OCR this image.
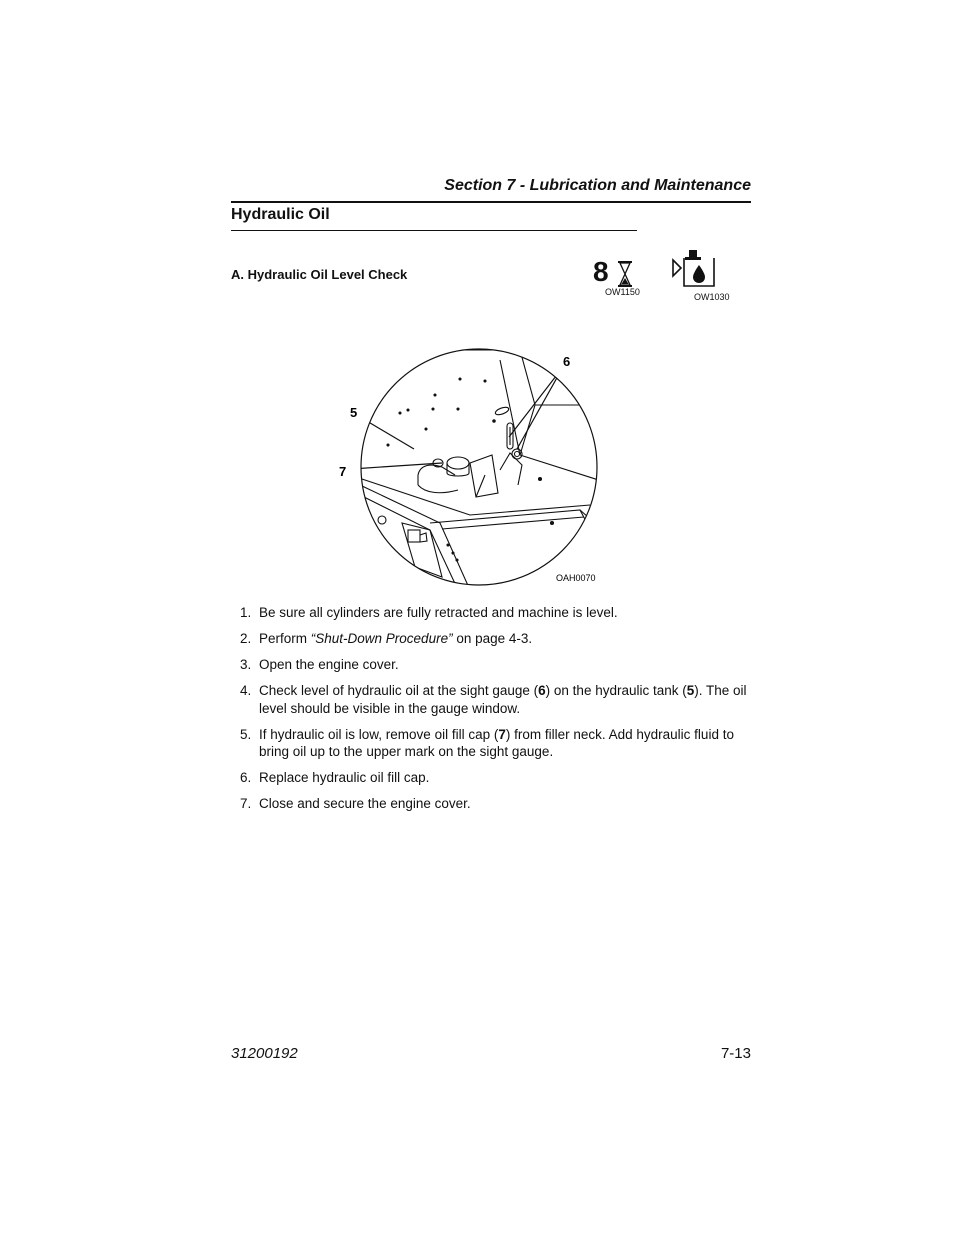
Section 7 - Lubrication and Maintenance
Hydraulic Oil
A. Hydraulic Oil Level Check	8
OW1150	OW1030
5
6
7
OAH0070
1. Be sure all cylinders are fully retracted and machine is level.
2. Perform “Shut-Down Procedure” on page 4-3.
3. Open the engine cover.
4. Check level of hydraulic oil at the sight gauge (6) on the hydraulic tank (5). The oil level should be visible in the gauge window.
5. If hydraulic oil is low, remove oil fill cap (7) from filler neck. Add hydraulic fluid to bring oil up to the upper mark on the sight gauge.
6. Replace hydraulic oil fill cap.
7. Close and secure the engine cover.
31200192	7-13
